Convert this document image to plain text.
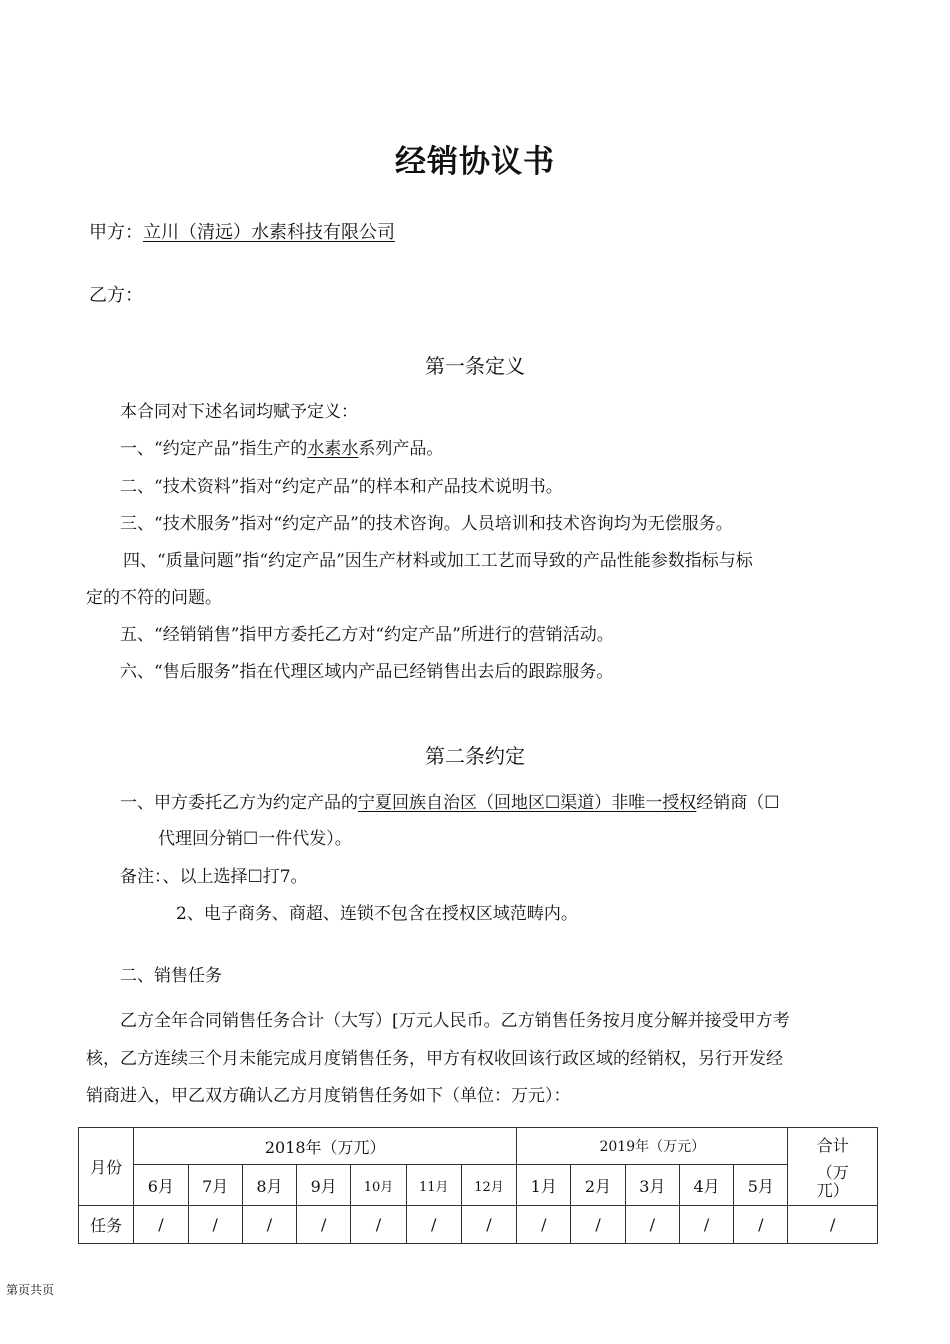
经销协议书
甲方：立川（清远）水素科技有限公司
乙方：
第一条定义
本合同对下述名词均赋予定义：
一、“约定产品”指生产的水素水系列产品。
二、“技术资料”指对“约定产品”的样本和产品技术说明书。
三、“技术服务”指对“约定产品”的技术咨询。人员培训和技术咨询均为无偿服务。
四、“质量问题”指“约定产品”因生产材料或加工工艺而导致的产品性能参数指标与标
定的不符的问题。
五、“经销销售”指甲方委托乙方对“约定产品”所进行的营销活动。
六、“售后服务”指在代理区域内产品已经销售出去后的跟踪服务。
第二条约定
一、甲方委托乙方为约定产品的宁夏回族自治区（回地区☐渠道）非唯一授权经销商（☐
代理回分销☐一件代发）。
备注：、以上选择☐打7。
2、电子商务、商超、连锁不包含在授权区域范畴内。
二、销售任务
乙方全年合同销售任务合计（大写）[万元人民币。乙方销售任务按月度分解并接受甲方考
核，乙方连续三个月未能完成月度销售任务，甲方有权收回该行政区域的经销权，另行开发经
销商进入，甲乙双方确认乙方月度销售任务如下（单位：万元）：
月份	2018年（万兀）							2019年（万元）					合计
（万兀）

	6月	7月	8月	9月	10月	11月	12月	1月	2月	3月	4月	5月	
任务	/	/	/	/	/	/	/	/	/	/	/	/	/
第页共页
